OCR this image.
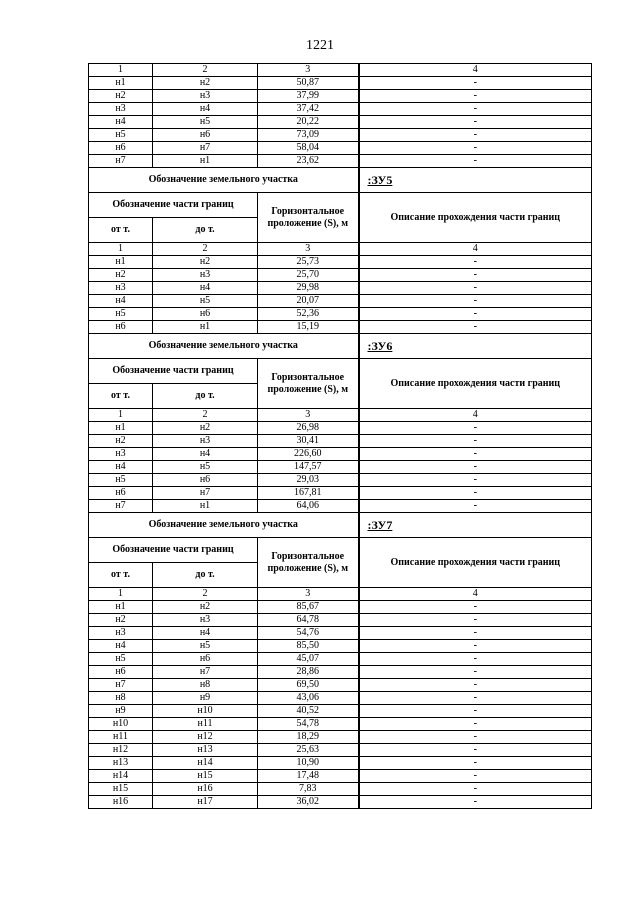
1221
1	2	3	4
н1	н2	50,87	-
н2	н3	37,99	-
н3	н4	37,42	-
н4	н5	20,22	-
н5	н6	73,09	-
н6	н7	58,04	-
н7	н1	23,62	-
Обозначение земельного участка			:ЗУ5
Обозначение части границ		Горизонтальное проложение (S), м	Описание прохождения части границ
от т.	до т.		
1	2	3	4
н1	н2	25,73	-
н2	н3	25,70	-
н3	н4	29,98	-
н4	н5	20,07	-
н5	н6	52,36	-
н6	н1	15,19	-
Обозначение земельного участка			:ЗУ6
Обозначение части границ		Горизонтальное проложение (S), м	Описание прохождения части границ
от т.	до т.		
1	2	3	4
н1	н2	26,98	-
н2	н3	30,41	-
н3	н4	226,60	-
н4	н5	147,57	-
н5	н6	29,03	-
н6	н7	167,81	-
н7	н1	64,06	-
Обозначение земельного участка			:ЗУ7
Обозначение части границ		Горизонтальное проложение (S), м	Описание прохождения части границ
от т.	до т.		
1	2	3	4
н1	н2	85,67	-
н2	н3	64,78	-
н3	н4	54,76	-
н4	н5	85,50	-
н5	н6	45,07	-
н6	н7	28,86	-
н7	н8	69,50	-
н8	н9	43,06	-
н9	н10	40,52	-
н10	н11	54,78	-
н11	н12	18,29	-
н12	н13	25,63	-
н13	н14	10,90	-
н14	н15	17,48	-
н15	н16	7,83	-
н16	н17	36,02	-
